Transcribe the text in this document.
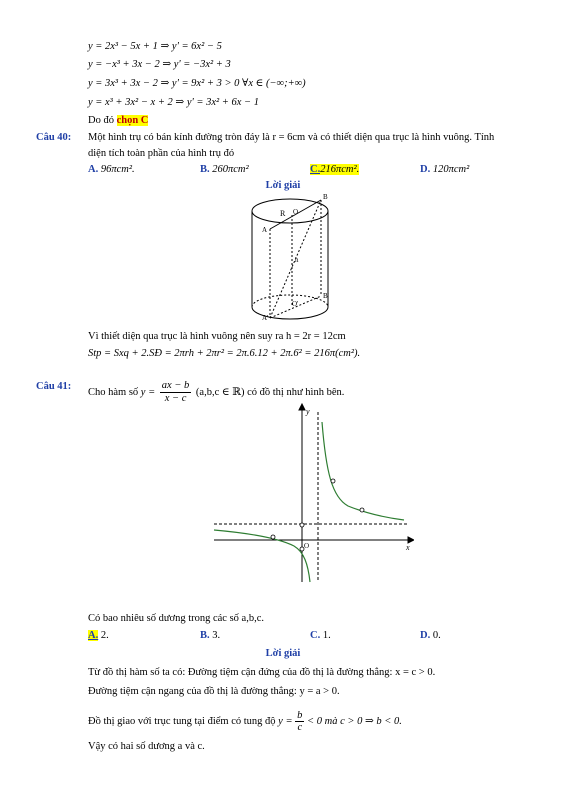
y = 2x³ − 5x + 1 ⇒ y' = 6x² − 5
y = −x³ + 3x − 2 ⇒ y' = −3x² + 3
y = 3x³ + 3x − 2 ⇒ y' = 9x² + 3 > 0 ∀x ∈ (−∞;+∞)
y = x³ + 3x² − x + 2 ⇒ y' = 3x² + 6x − 1
Do đó chọn C
Câu 40: Một hình trụ có bán kính đường tròn đáy là r = 6cm và có thiết diện qua trục là hình vuông. Tính
diện tích toàn phần của hình trụ đó
A. 96πcm².	B. 260πcm²	C.216πcm².	D. 120πcm²
Lời giải
B
O
R
A
h
O'
B'
A'
Vì thiết diện qua trục là hình vuông nên suy ra h = 2r = 12cm
Stp = Sxq + 2.SĐ = 2πrh + 2πr² = 2π.6.12 + 2π.6² = 216π(cm²).
Câu 41:
Cho hàm số $y = \frac{ax - b}{x - c} (a,b,c$ ∈ ℝ) có đồ thị như hình bên.
y
x
O
Có bao nhiêu số dương trong các số a,b,c.
A. 2.	B. 3.	C. 1.	D. 0.
Lời giải
Từ đồ thị hàm số ta có: Đường tiệm cận đứng của đồ thị là đường thẳng: x = c > 0.
Đường tiệm cận ngang của đồ thị là đường thẳng: y = a > 0.
Đồ thị giao với trục tung tại điểm có tung độ $y = \frac{b}{c} < 0$ mà c > 0 ⇒ b < 0.
Vậy có hai số dương a và c.
